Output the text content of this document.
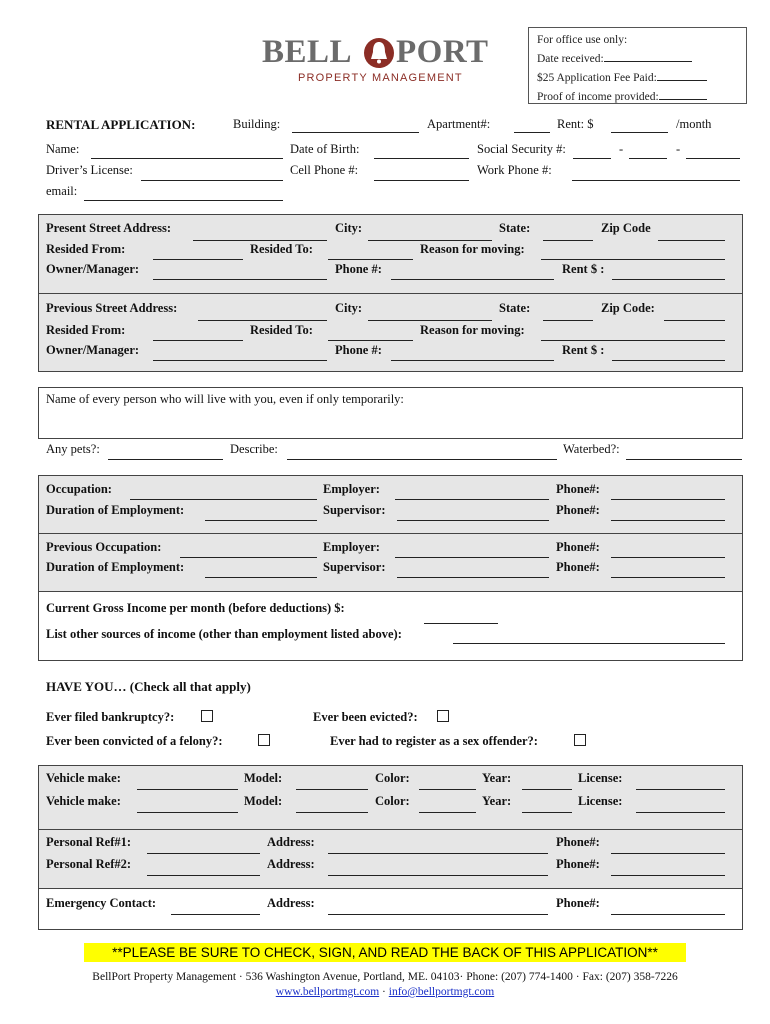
BELL PORT
PROPERTY MANAGEMENT
For office use only:
Date received:
$25 Application Fee Paid:
Proof of income provided:
RENTAL APPLICATION:	Building:	Apartment#:	Rent: $	/month
Name:	Date of Birth:	Social Security #:	-	-
Driver’s License:	Cell Phone #:	Work Phone #:
email:
Present Street Address:	City:	State:	Zip Code
Resided From:	Resided To:	Reason for moving:
Owner/Manager:	Phone #:	Rent $ :
Previous Street Address:	City:	State:	Zip Code:
Resided From:	Resided To:	Reason for moving:
Owner/Manager:	Phone #:	Rent $ :
Name of every person who will live with you, even if only temporarily:
Any pets?:	Describe:	Waterbed?:
Occupation:	Employer:	Phone#:
Duration of Employment:	Supervisor:	Phone#:
Previous Occupation:	Employer:	Phone#:
Duration of Employment:	Supervisor:	Phone#:
Current Gross Income per month (before deductions) $:
List other sources of income (other than employment listed above):
HAVE YOU… (Check all that apply)
Ever filed bankruptcy?:	Ever been evicted?:
Ever been convicted of a felony?:	Ever had to register as a sex offender?:
Vehicle make:	Model:	Color:	Year:	License:
Vehicle make:	Model:	Color:	Year:	License:
Personal Ref#1:	Address:	Phone#:
Personal Ref#2:	Address:	Phone#:
Emergency Contact:	Address:	Phone#:
**PLEASE BE SURE TO CHECK, SIGN, AND READ THE BACK OF THIS APPLICATION**
BellPort Property Management · 536 Washington Avenue, Portland, ME. 04103· Phone: (207) 774-1400 · Fax: (207) 358-7226
www.bellportmgt.com · info@bellportmgt.com
